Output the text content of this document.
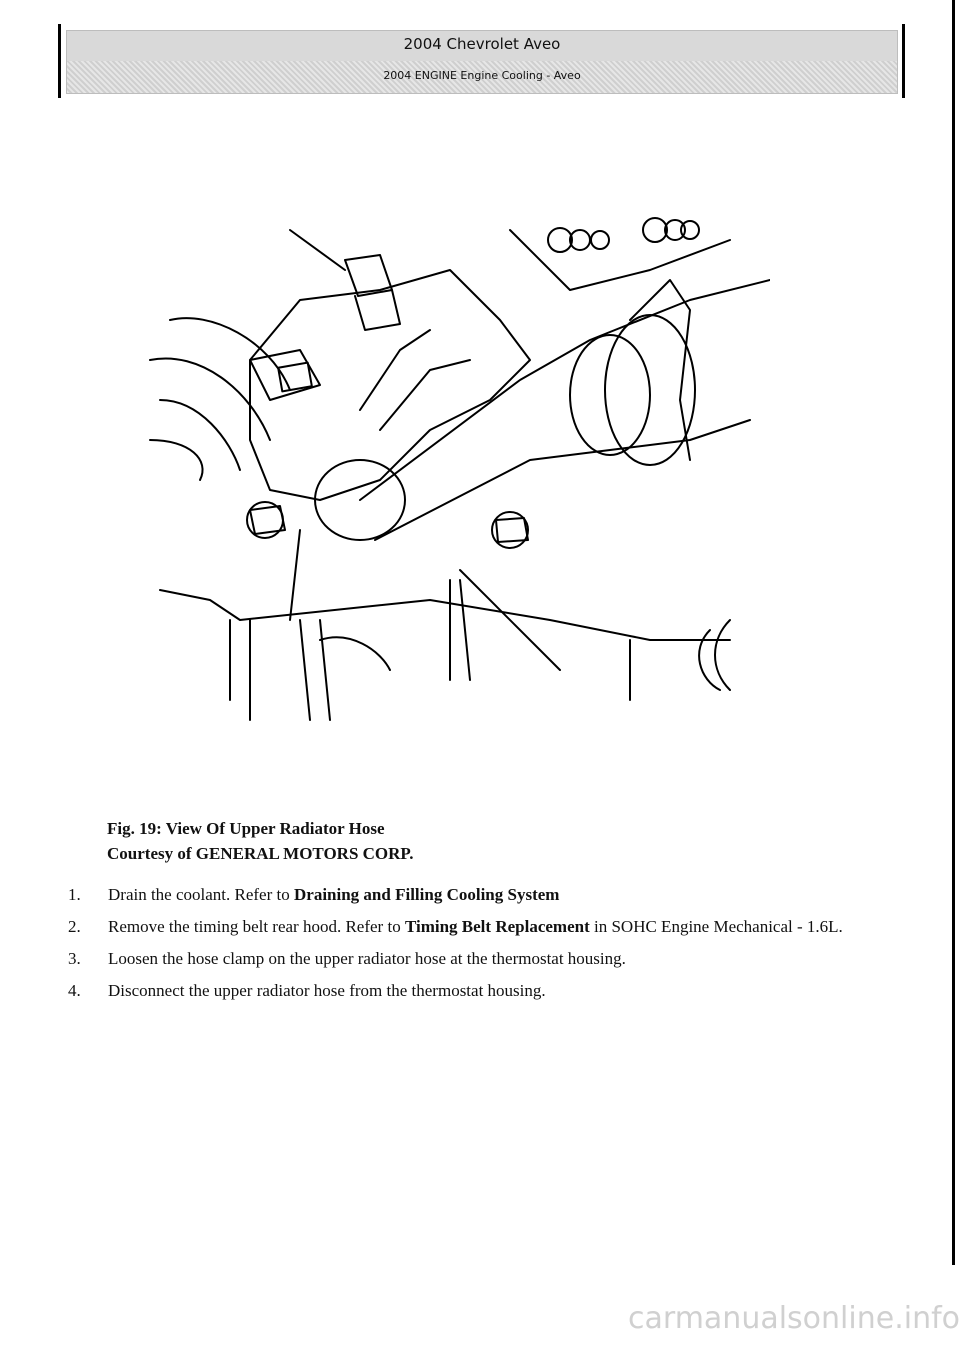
2004 Chevrolet Aveo
2004 ENGINE Engine Cooling - Aveo
Fig. 19: View Of Upper Radiator Hose
Courtesy of GENERAL MOTORS CORP.
1.	Drain the coolant. Refer to Draining and Filling Cooling System
2.	Remove the timing belt rear hood. Refer to Timing Belt Replacement in SOHC Engine Mechanical - 1.6L.
3.	Loosen the hose clamp on the upper radiator hose at the thermostat housing.
4.	Disconnect the upper radiator hose from the thermostat housing.
carmanualsonline.info
